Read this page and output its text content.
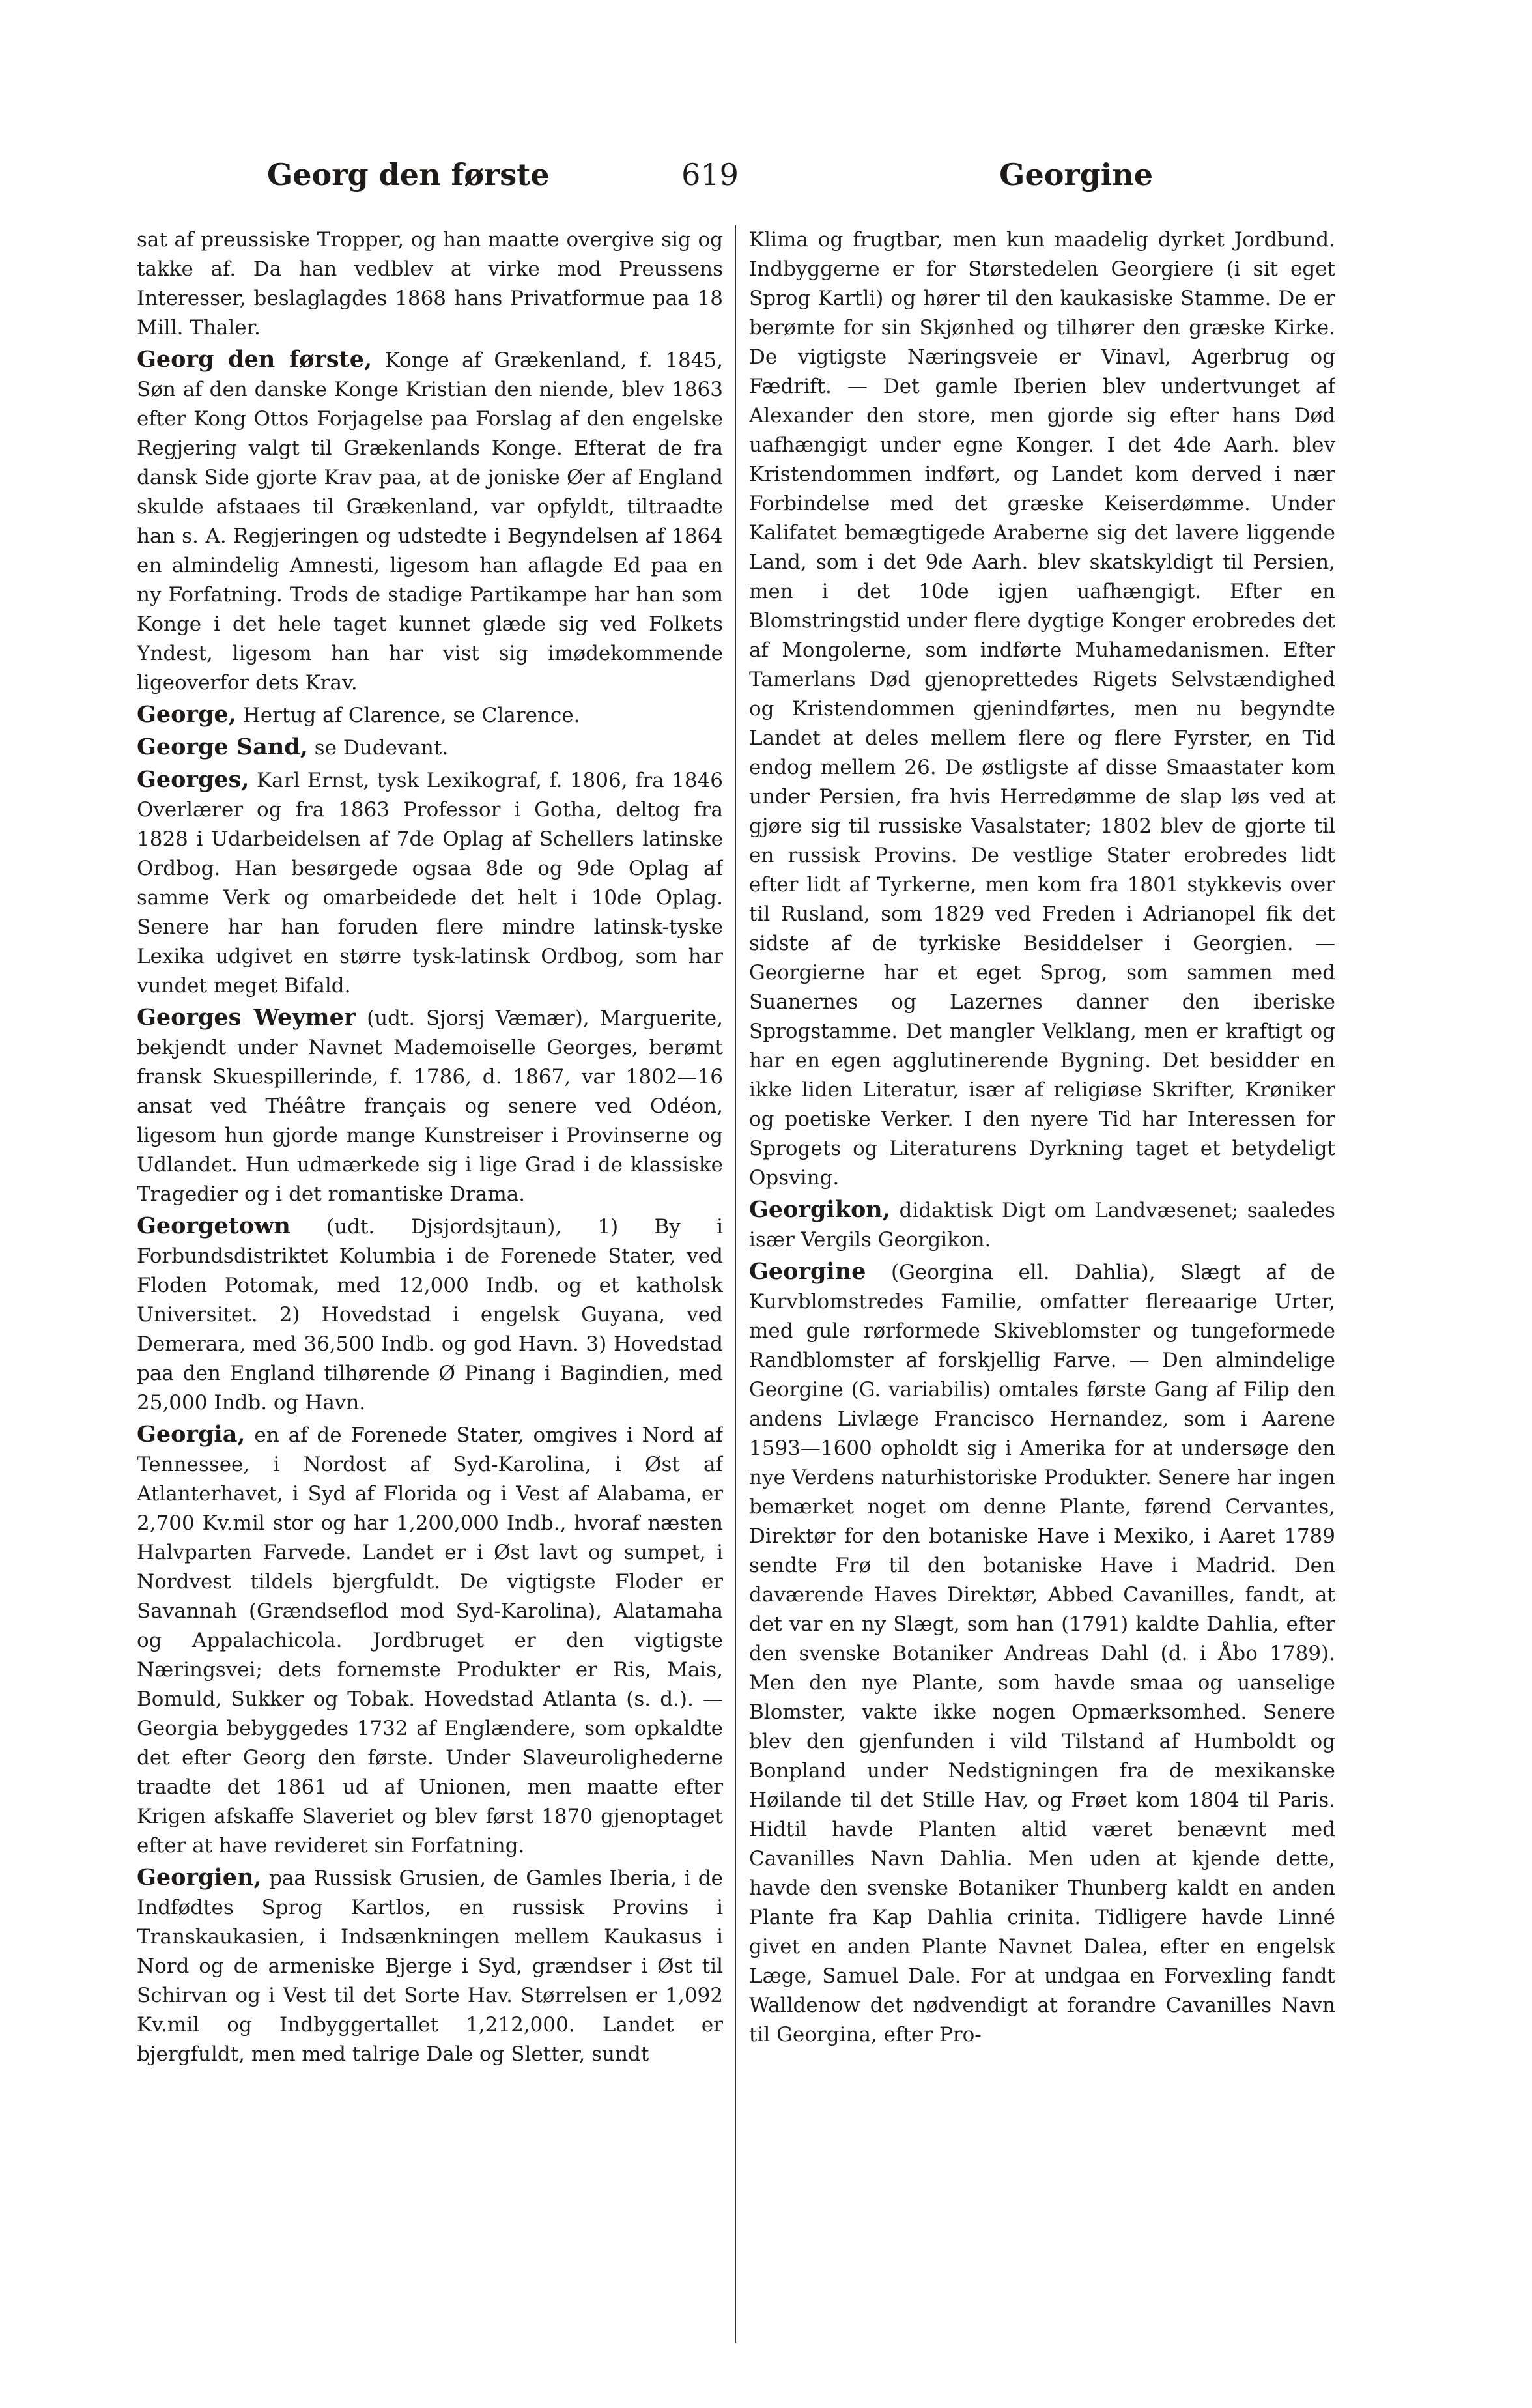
Georg den første	619	Georgine

sat af preussiske Tropper, og han maatte overgive sig og takke af. Da han vedblev at virke mod Preussens Interesser, beslaglagdes 1868 hans Privatformue paa 18 Mill. Thaler.

Georg den første, Konge af Grækenland, f. 1845, Søn af den danske Konge Kristian den niende, blev 1863 efter Kong Ottos Forjagelse paa Forslag af den engelske Regjering valgt til Grækenlands Konge. Efterat de fra dansk Side gjorte Krav paa, at de joniske Øer af England skulde afstaaes til Grækenland, var opfyldt, tiltraadte han s. A. Regjeringen og udstedte i Begyndelsen af 1864 en almindelig Amnesti, ligesom han aflagde Ed paa en ny Forfatning. Trods de stadige Partikampe har han som Konge i det hele taget kunnet glæde sig ved Folkets Yndest, ligesom han har vist sig imødekommende ligeoverfor dets Krav.

George, Hertug af Clarence, se Clarence.

George Sand, se Dudevant.

Georges, Karl Ernst, tysk Lexikograf, f. 1806, fra 1846 Overlærer og fra 1863 Professor i Gotha, deltog fra 1828 i Udarbeidelsen af 7de Oplag af Schellers latinske Ordbog. Han besørgede ogsaa 8de og 9de Oplag af samme Verk og omarbeidede det helt i 10de Oplag. Senere har han foruden flere mindre latinsk-tyske Lexika udgivet en større tysk-latinsk Ordbog, som har vundet meget Bifald.

Georges Weymer (udt. Sjorsj Væmær), Marguerite, bekjendt under Navnet Mademoiselle Georges, berømt fransk Skuespillerinde, f. 1786, d. 1867, var 1802—16 ansat ved Théâtre français og senere ved Odéon, ligesom hun gjorde mange Kunstreiser i Provinserne og Udlandet. Hun udmærkede sig i lige Grad i de klassiske Tragedier og i det romantiske Drama.

Georgetown (udt. Djsjordsjtaun), 1) By i Forbundsdistriktet Kolumbia i de Forenede Stater, ved Floden Potomak, med 12,000 Indb. og et katholsk Universitet. 2) Hovedstad i engelsk Guyana, ved Demerara, med 36,500 Indb. og god Havn. 3) Hovedstad paa den England tilhørende Ø Pinang i Bagindien, med 25,000 Indb. og Havn.

Georgia, en af de Forenede Stater, omgives i Nord af Tennessee, i Nordost af Syd-Karolina, i Øst af Atlanterhavet, i Syd af Florida og i Vest af Alabama, er 2,700 Kv.mil stor og har 1,200,000 Indb., hvoraf næsten Halvparten Farvede. Landet er i Øst lavt og sumpet, i Nordvest tildels bjergfuldt. De vigtigste Floder er Savannah (Grændseflod mod Syd-Karolina), Alatamaha og Appalachicola. Jordbruget er den vigtigste Næringsvei; dets fornemste Produkter er Ris, Mais, Bomuld, Sukker og Tobak. Hovedstad Atlanta (s. d.). — Georgia bebyggedes 1732 af Englændere, som opkaldte det efter Georg den første. Under Slaveurolighederne traadte det 1861 ud af Unionen, men maatte efter Krigen afskaffe Slaveriet og blev først 1870 gjenoptaget efter at have revideret sin Forfatning.

Georgien, paa Russisk Grusien, de Gamles Iberia, i de Indfødtes Sprog Kartlos, en russisk Provins i Transkaukasien, i Indsænkningen mellem Kaukasus i Nord og de armeniske Bjerge i Syd, grændser i Øst til Schirvan og i Vest til det Sorte Hav. Størrelsen er 1,092 Kv.mil og Indbyggertallet 1,212,000. Landet er bjergfuldt, men med talrige Dale og Sletter, sundt

Klima og frugtbar, men kun maadelig dyrket Jordbund. Indbyggerne er for Størstedelen Georgiere (i sit eget Sprog Kartli) og hører til den kaukasiske Stamme. De er berømte for sin Skjønhed og tilhører den græske Kirke. De vigtigste Næringsveie er Vinavl, Agerbrug og Fædrift. — Det gamle Iberien blev undertvunget af Alexander den store, men gjorde sig efter hans Død uafhængigt under egne Konger. I det 4de Aarh. blev Kristendommen indført, og Landet kom derved i nær Forbindelse med det græske Keiserdømme. Under Kalifatet bemægtigede Araberne sig det lavere liggende Land, som i det 9de Aarh. blev skatskyldigt til Persien, men i det 10de igjen uafhængigt. Efter en Blomstringstid under flere dygtige Konger erobredes det af Mongolerne, som indførte Muhamedanismen. Efter Tamerlans Død gjenoprettedes Rigets Selvstændighed og Kristendommen gjenindførtes, men nu begyndte Landet at deles mellem flere og flere Fyrster, en Tid endog mellem 26. De østligste af disse Smaastater kom under Persien, fra hvis Herredømme de slap løs ved at gjøre sig til russiske Vasalstater; 1802 blev de gjorte til en russisk Provins. De vestlige Stater erobredes lidt efter lidt af Tyrkerne, men kom fra 1801 stykkevis over til Rusland, som 1829 ved Freden i Adrianopel fik det sidste af de tyrkiske Besiddelser i Georgien. — Georgierne har et eget Sprog, som sammen med Suanernes og Lazernes danner den iberiske Sprogstamme. Det mangler Velklang, men er kraftigt og har en egen agglutinerende Bygning. Det besidder en ikke liden Literatur, især af religiøse Skrifter, Krøniker og poetiske Verker. I den nyere Tid har Interessen for Sprogets og Literaturens Dyrkning taget et betydeligt Opsving.

Georgikon, didaktisk Digt om Landvæsenet; saaledes især Vergils Georgikon.

Georgine (Georgina ell. Dahlia), Slægt af de Kurvblomstredes Familie, omfatter flereaarige Urter, med gule rørformede Skiveblomster og tungeformede Randblomster af forskjellig Farve. — Den almindelige Georgine (G. variabilis) omtales første Gang af Filip den andens Livlæge Francisco Hernandez, som i Aarene 1593—1600 opholdt sig i Amerika for at undersøge den nye Verdens naturhistoriske Produkter. Senere har ingen bemærket noget om denne Plante, førend Cervantes, Direktør for den botaniske Have i Mexiko, i Aaret 1789 sendte Frø til den botaniske Have i Madrid. Den daværende Haves Direktør, Abbed Cavanilles, fandt, at det var en ny Slægt, som han (1791) kaldte Dahlia, efter den svenske Botaniker Andreas Dahl (d. i Åbo 1789). Men den nye Plante, som havde smaa og uanselige Blomster, vakte ikke nogen Opmærksomhed. Senere blev den gjenfunden i vild Tilstand af Humboldt og Bonpland under Nedstigningen fra de mexikanske Høilande til det Stille Hav, og Frøet kom 1804 til Paris. Hidtil havde Planten altid været benævnt med Cavanilles Navn Dahlia. Men uden at kjende dette, havde den svenske Botaniker Thunberg kaldt en anden Plante fra Kap Dahlia crinita. Tidligere havde Linné givet en anden Plante Navnet Dalea, efter en engelsk Læge, Samuel Dale. For at undgaa en Forvexling fandt Walldenow det nødvendigt at forandre Cavanilles Navn til Georgina, efter Pro-
